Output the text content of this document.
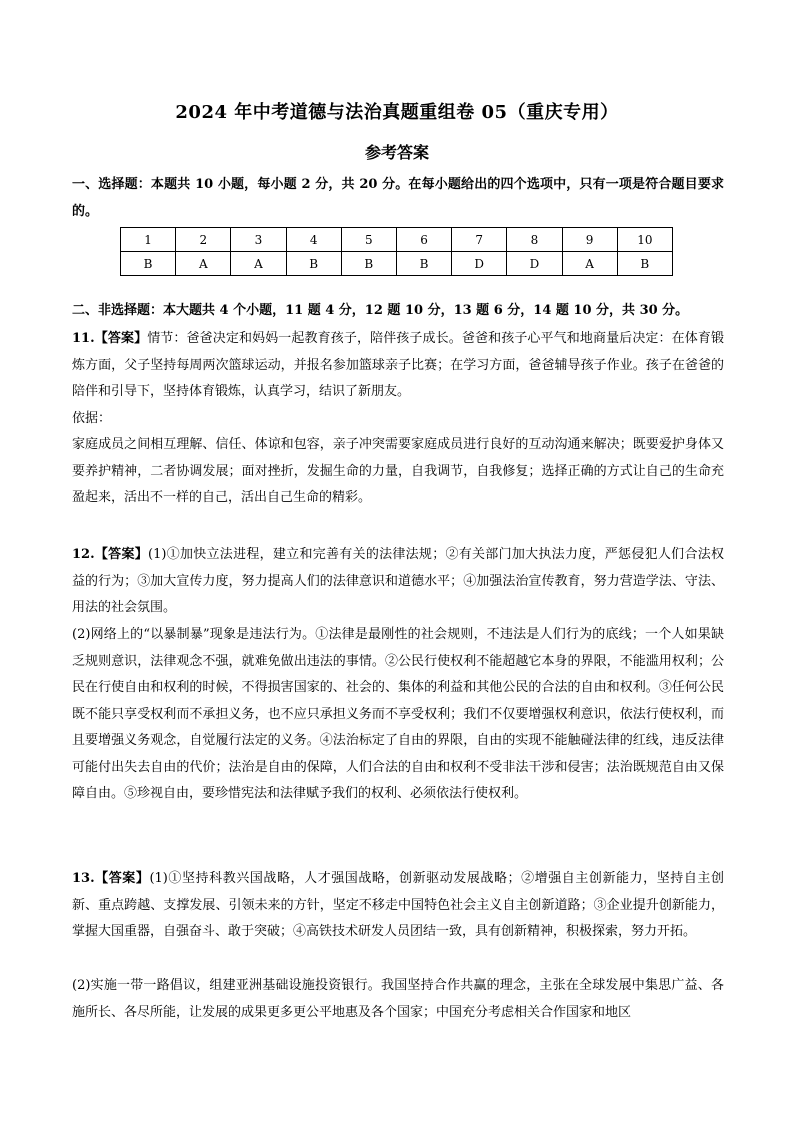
2024 年中考道德与法治真题重组卷 05（重庆专用）
参考答案
一、选择题：本题共 10 小题，每小题 2 分，共 20 分。在每小题给出的四个选项中，只有一项是符合题目要求的。
1	2	3	4	5	6	7	8	9	10
B	A	A	B	B	B	D	D	A	B
二、非选择题：本大题共 4 个小题，11 题 4 分，12 题 10 分，13 题 6 分，14 题 10 分，共 30 分。
11.【答案】情节：爸爸决定和妈妈一起教育孩子，陪伴孩子成长。爸爸和孩子心平气和地商量后决定：在体育锻炼方面，父子坚持每周两次篮球运动，并报名参加篮球亲子比赛；在学习方面，爸爸辅导孩子作业。孩子在爸爸的陪伴和引导下，坚持体育锻炼，认真学习，结识了新朋友。
依据：
家庭成员之间相互理解、信任、体谅和包容，亲子冲突需要家庭成员进行良好的互动沟通来解决；既要爱护身体又要养护精神，二者协调发展；面对挫折，发掘生命的力量，自我调节，自我修复；选择正确的方式让自己的生命充盈起来，活出不一样的自己，活出自己生命的精彩。
12.【答案】(1)①加快立法进程，建立和完善有关的法律法规；②有关部门加大执法力度，严惩侵犯人们合法权益的行为；③加大宣传力度，努力提高人们的法律意识和道德水平；④加强法治宣传教育，努力营造学法、守法、用法的社会氛围。
(2)网络上的“以暴制暴”现象是违法行为。①法律是最刚性的社会规则，不违法是人们行为的底线；一个人如果缺乏规则意识，法律观念不强，就难免做出违法的事情。②公民行使权利不能超越它本身的界限，不能滥用权利；公民在行使自由和权利的时候，不得损害国家的、社会的、集体的利益和其他公民的合法的自由和权利。③任何公民既不能只享受权利而不承担义务，也不应只承担义务而不享受权利；我们不仅要增强权利意识，依法行使权利，而且要增强义务观念，自觉履行法定的义务。④法治标定了自由的界限，自由的实现不能触碰法律的红线，违反法律可能付出失去自由的代价；法治是自由的保障，人们合法的自由和权利不受非法干涉和侵害；法治既规范自由又保障自由。⑤珍视自由，要珍惜宪法和法律赋予我们的权利、必须依法行使权利。
13.【答案】(1)①坚持科教兴国战略，人才强国战略，创新驱动发展战略；②增强自主创新能力，坚持自主创新、重点跨越、支撑发展、引领未来的方针，坚定不移走中国特色社会主义自主创新道路；③企业提升创新能力，掌握大国重器，自强奋斗、敢于突破；④高铁技术研发人员团结一致，具有创新精神，积极探索，努力开拓。
(2)实施一带一路倡议，组建亚洲基础设施投资银行。我国坚持合作共赢的理念，主张在全球发展中集思广益、各施所长、各尽所能，让发展的成果更多更公平地惠及各个国家；中国充分考虑相关合作国家和地区
